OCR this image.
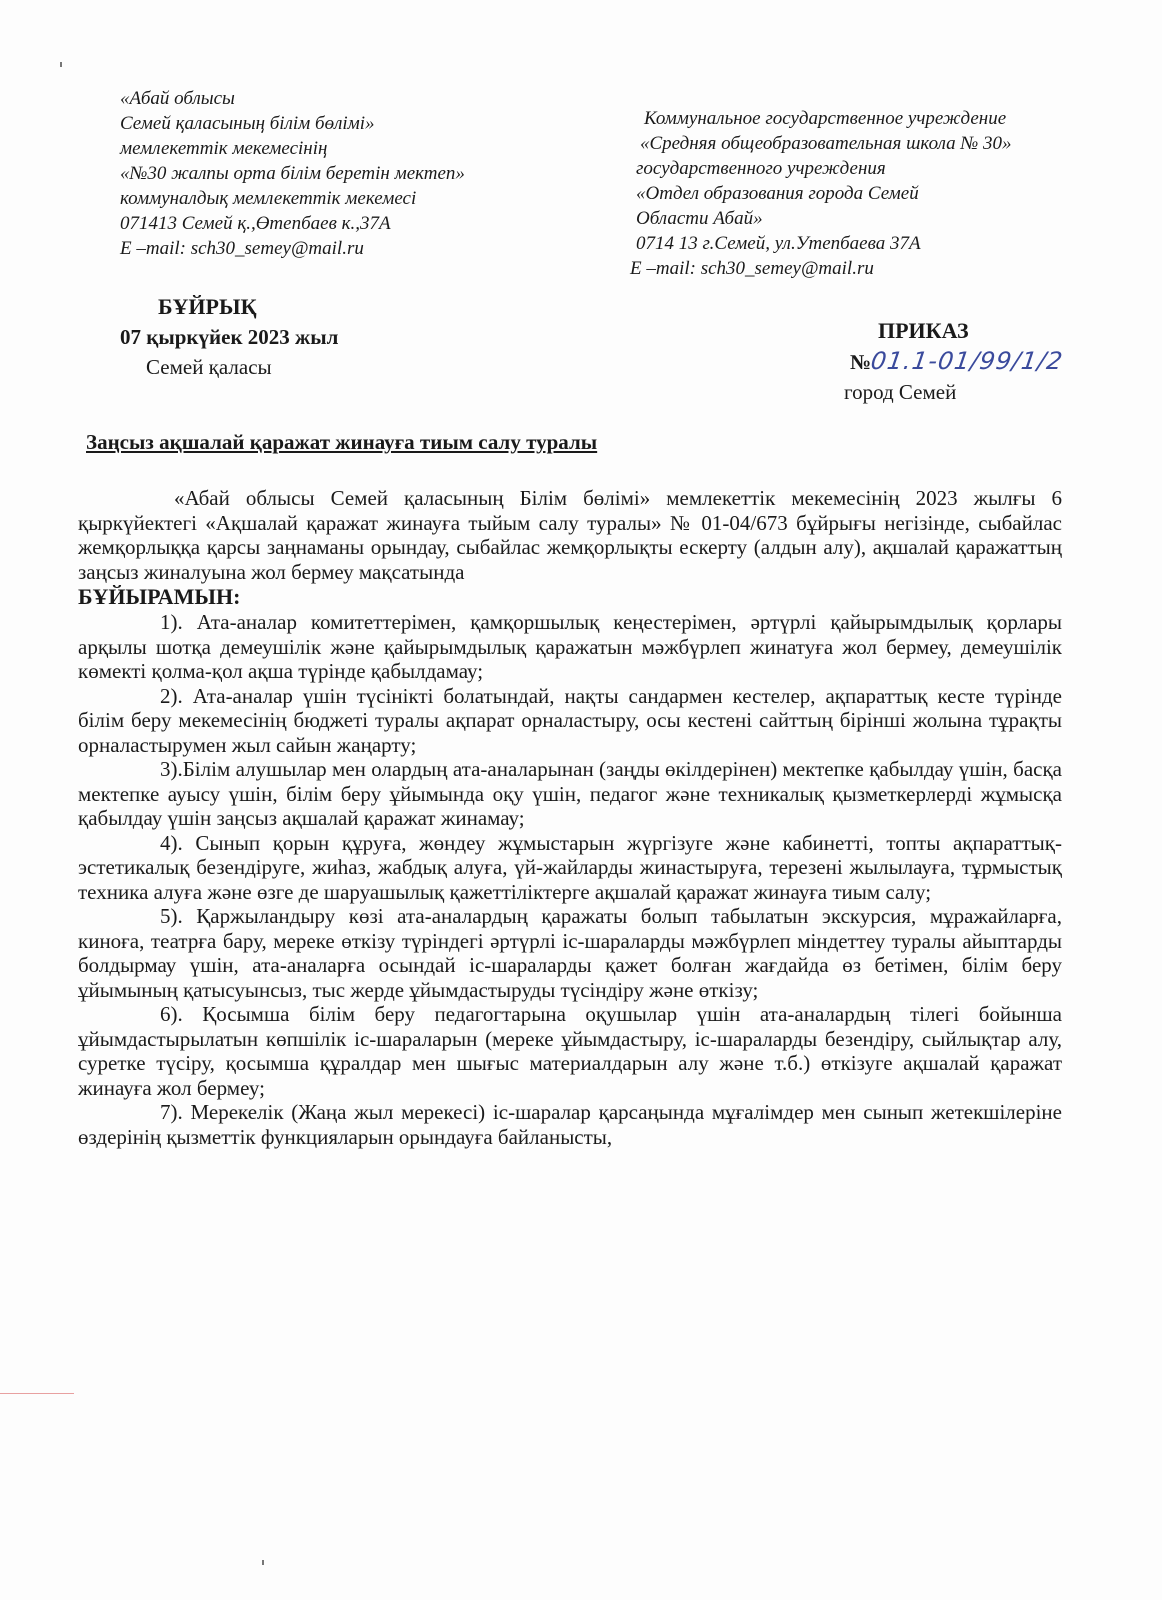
«Абай облысы
Семей қаласының білім бөлімі»
мемлекеттік мекемесінің
«№30 жалпы орта білім беретін мектеп»
коммуналдық мемлекеттік мекемесі
071413 Семей қ.,Өтепбаев к.,37А
E –mail: sch30_semey@mail.ru
Коммунальное государственное учреждение
«Средняя общеобразовательная школа № 30»
государственного учреждения
«Отдел образования города Семей
Области Абай»
0714 13 г.Семей, ул.Утепбаева 37А
E –mail: sch30_semey@mail.ru
БҰЙРЫҚ
07 қыркүйек 2023 жыл
Семей қаласы
ПРИКАЗ
№01.1-01/99/1/2
город Семей
Заңсыз ақшалай қаражат жинауға тиым салу туралы

«Абай облысы Семей қаласының Білім бөлімі» мемлекеттік мекемесінің 2023 жылғы 6 қыркүйектегі «Ақшалай қаражат жинауға тыйым салу туралы» № 01-04/673 бұйрығы негізінде, сыбайлас жемқорлыққа қарсы заңнаманы орындау, сыбайлас жемқорлықты ескерту (алдын алу), ақшалай қаражаттың заңсыз жиналуына жол бермеу мақсатында

БҰЙЫРАМЫН:

1). Ата-аналар комитеттерімен, қамқоршылық кеңестерімен, әртүрлі қайырымдылық қорлары арқылы шотқа демеушілік және қайырымдылық қаражатын мәжбүрлеп жинатуға жол бермеу, демеушілік көмекті қолма-қол ақша түрінде қабылдамау;

2). Ата-аналар үшін түсінікті болатындай, нақты сандармен кестелер, ақпараттық кесте түрінде білім беру мекемесінің бюджеті туралы ақпарат орналастыру, осы кестені сайттың бірінші жолына тұрақты орналастырумен жыл сайын жаңарту;

3).Білім алушылар мен олардың ата-аналарынан (заңды өкілдерінен) мектепке қабылдау үшін, басқа мектепке ауысу үшін, білім беру ұйымында оқу үшін, педагог және техникалық қызметкерлерді жұмысқа қабылдау үшін заңсыз ақшалай қаражат жинамау;

4). Сынып қорын құруға, жөндеу жұмыстарын жүргізуге және кабинетті, топты ақпараттық-эстетикалық безендіруге, жиһаз, жабдық алуға, үй-жайларды жинастыруға, терезені жылылауға, тұрмыстық техника алуға және өзге де шаруашылық қажеттіліктерге ақшалай қаражат жинауға тиым салу;

5). Қаржыландыру көзі ата-аналардың қаражаты болып табылатын экскурсия, мұражайларға, киноға, театрға бару, мереке өткізу түріндегі әртүрлі іс-шараларды мәжбүрлеп міндеттеу туралы айыптарды болдырмау үшін, ата-аналарға осындай іс-шараларды қажет болған жағдайда өз бетімен, білім беру ұйымының қатысуынсыз, тыс жерде ұйымдастыруды түсіндіру және өткізу;

6). Қосымша білім беру педагогтарына оқушылар үшін ата-аналардың тілегі бойынша ұйымдастырылатын көпшілік іс-шараларын (мереке ұйымдастыру, іс-шараларды безендіру, сыйлықтар алу, суретке түсіру, қосымша құралдар мен шығыс материалдарын алу және т.б.) өткізуге ақшалай қаражат жинауға жол бермеу;

7). Мерекелік (Жаңа жыл мерекесі) іс-шаралар қарсаңында мұғалімдер мен сынып жетекшілеріне өздерінің қызметтік функцияларын орындауға байланысты,
